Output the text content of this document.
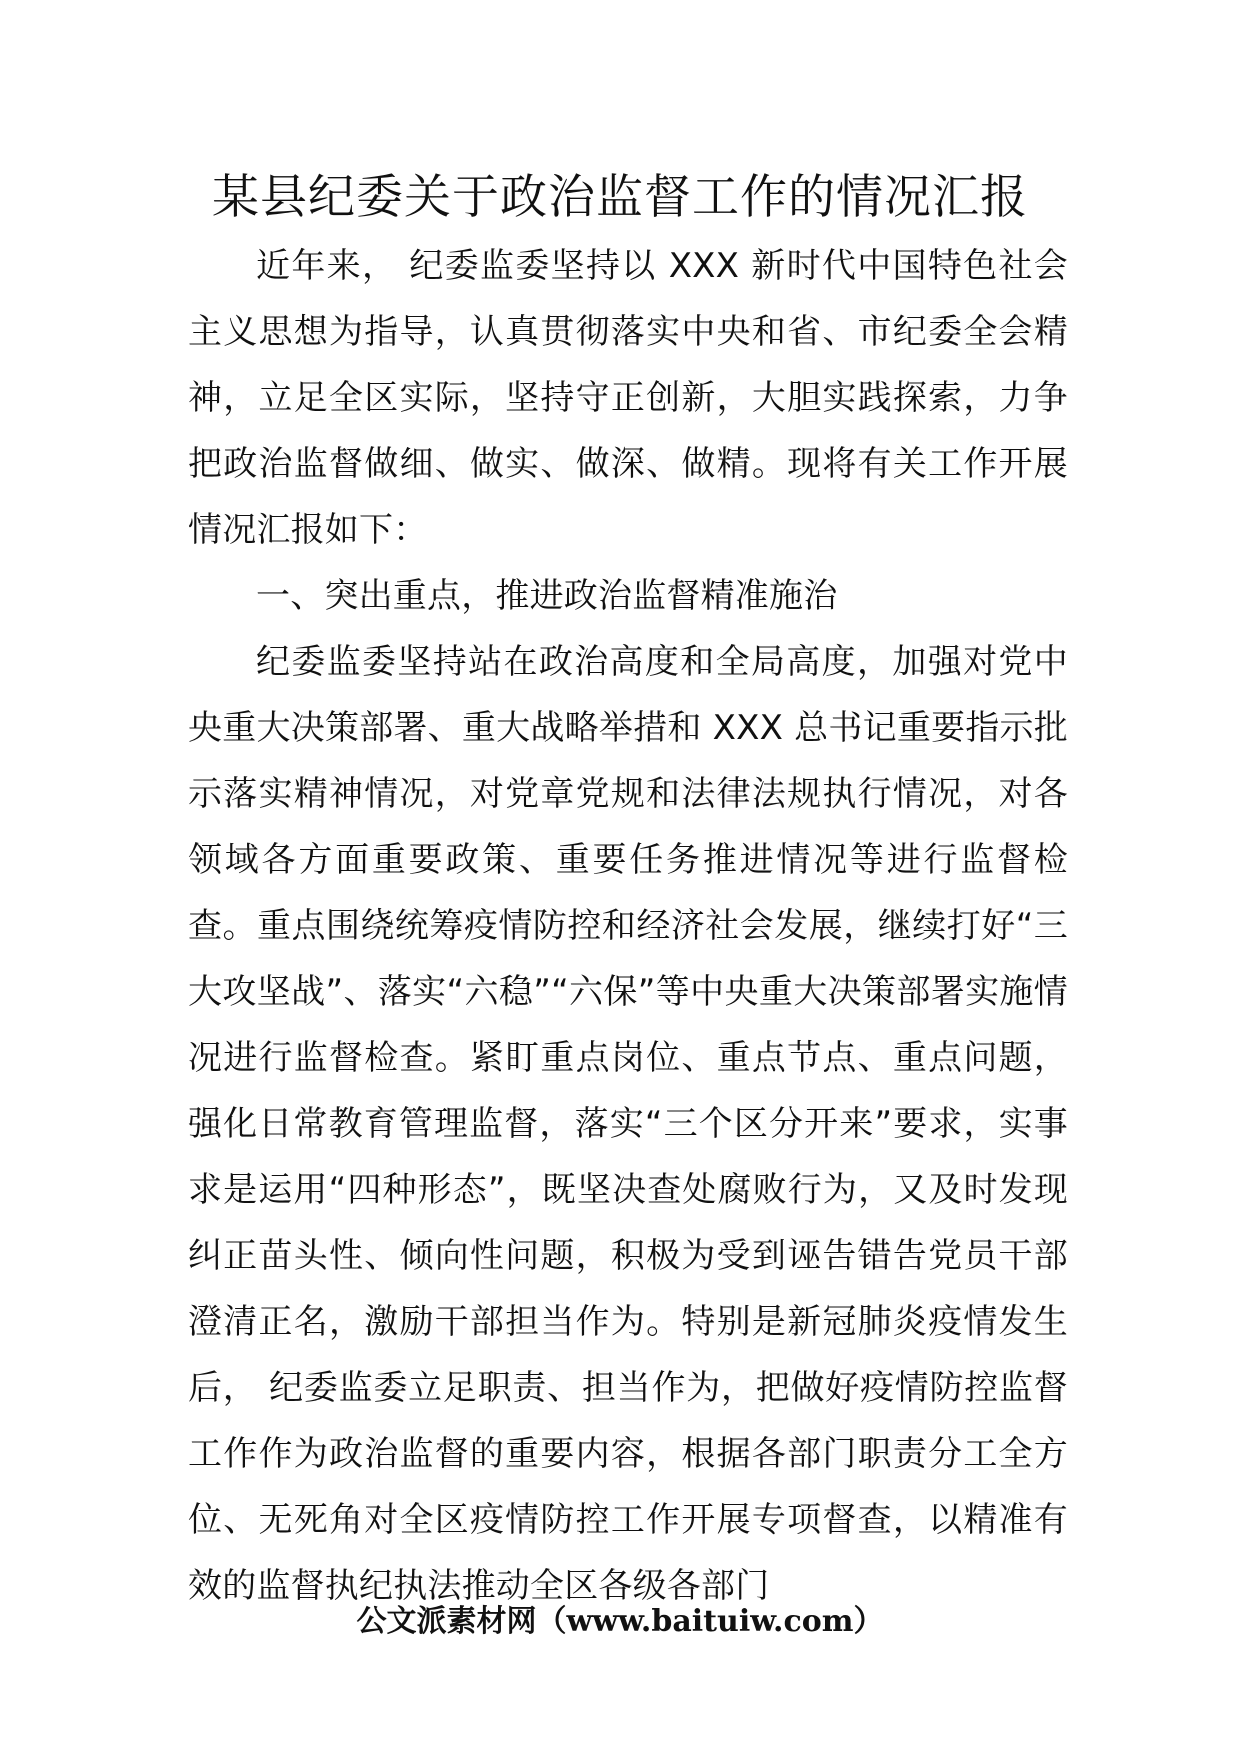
某县纪委关于政治监督工作的情况汇报

近年来， 纪委监委坚持以 XXX 新时代中国特色社会主义思想为指导，认真贯彻落实中央和省、市纪委全会精神，立足全区实际，坚持守正创新，大胆实践探索，力争把政治监督做细、做实、做深、做精。现将有关工作开展情况汇报如下：

一、突出重点，推进政治监督精准施治

纪委监委坚持站在政治高度和全局高度，加强对党中央重大决策部署、重大战略举措和 XXX 总书记重要指示批示落实精神情况，对党章党规和法律法规执行情况，对各领域各方面重要政策、重要任务推进情况等进行监督检查。重点围绕统筹疫情防控和经济社会发展，继续打好“三大攻坚战”、落实“六稳”“六保”等中央重大决策部署实施情况进行监督检查。紧盯重点岗位、重点节点、重点问题，强化日常教育管理监督，落实“三个区分开来”要求，实事求是运用“四种形态”，既坚决查处腐败行为，又及时发现纠正苗头性、倾向性问题，积极为受到诬告错告党员干部澄清正名，激励干部担当作为。特别是新冠肺炎疫情发生后， 纪委监委立足职责、担当作为，把做好疫情防控监督工作作为政治监督的重要内容，根据各部门职责分工全方位、无死角对全区疫情防控工作开展专项督查，以精准有效的监督执纪执法推动全区各级各部门

公文派素材网（www.baituiw.com）
